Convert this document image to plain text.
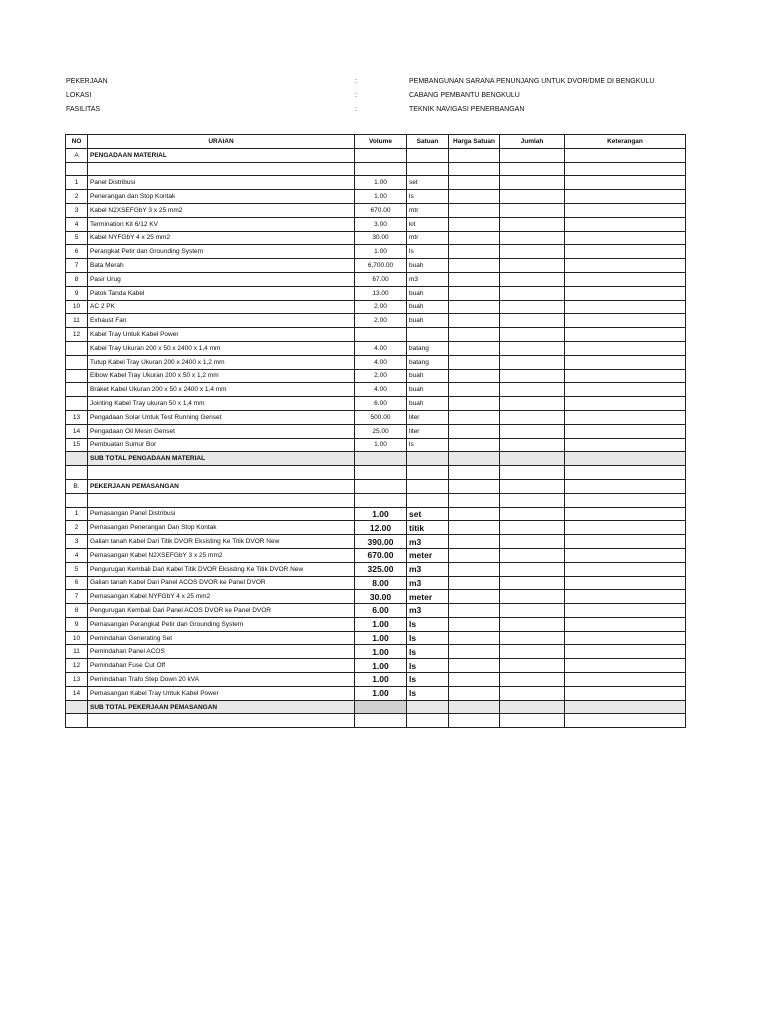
PEKERJAAN	:	PEMBANGUNAN SARANA PENUNJANG UNTUK DVOR/DME DI BENGKULU
LOKASI	:	CABANG PEMBANTU BENGKULU
FASILITAS	:	TEKNIK NAVIGASI PENERBANGAN
NO	URAIAN	Volume	Satuan	Harga Satuan	Jumlah	Keterangan
A	PENGADAAN MATERIAL					

1	Panel Distribusi	1.00	set			
2	Penerangan dan Stop Kontak	1.00	ls			
3	Kabel N2XSEFGbY 3 x 25 mm2	670.00	mtr			
4	Termination Kit 6/12 KV	3.00	kit			
5	Kabel NYFGbY 4 x 25 mm2	30.00	mtr			
6	Perangkat Petir dan Grounding System	1.00	ls			
7	Bata Merah	6,700.00	buah			
8	Pasir Urug	67.00	m3			
9	Patok Tanda Kabel	13.00	buah			
10	AC 2 PK	2.00	buah			
11	Exhaust Fan	2.00	buah			
12	Kabel Tray Untuk Kabel Power					
	Kabel Tray Ukuran 200 x 50 x 2400 x 1,4 mm	4.00	batang			
	Tutup Kabel Tray Ukuran 200 x 2400 x 1,2 mm	4.00	batang			
	Elbow Kabel Tray Ukuran 200 x 50 x 1,2 mm	2.00	buah			
	Braket Kabel Ukuran 200 x 50 x 2400 x 1,4 mm	4.00	buah			
	Jointing Kabel Tray ukuran 50 x 1,4 mm	6.00	buah			
13	Pengadaan Solar Untuk Test Running Genset	500.00	liter			
14	Pengadaan Oil Mesin Genset	25.00	liter			
15	Pembuatan Sumur Bor	1.00	ls			
	SUB TOTAL PENGADAAN MATERIAL					

B.	PEKERJAAN PEMASANGAN					

1	Pemasangan Panel Distribusi	1.00	set			
2	Pemasangan Penerangan Dan Stop Kontak	12.00	titik			
3	Galian tanah Kabel Dari Titik DVOR Eksisting Ke Titik DVOR New	390.00	m3			
4	Pemasangan Kabel N2XSEFGbY 3 x 25 mm2	670.00	meter			
5	Pengurugan Kembali Dari Kabel Titik DVOR Eksisting Ke Titik DVOR New	325.00	m3			
6	Galian tanah Kabel Dari Panel ACOS DVOR ke Panel DVOR	8.00	m3			
7	Pemasangan Kabel NYFGbY 4 x 25 mm2	30.00	meter			
8	Pengurugan Kembali Dari Panel ACOS DVOR ke Panel DVOR	6.00	m3			
9	Pemasangan Perangkat Petir dan Grounding System	1.00	ls			
10	Pemindahan Generating Set	1.00	ls			
11	Pemindahan Panel ACOS	1.00	ls			
12	Pemindahan Fuse Cut Off	1.00	ls			
13	Pemindahan Trafo Step Down 20 kVA	1.00	ls			
14	Pemasangan Kabel Tray Untuk Kabel Power	1.00	ls			
	SUB TOTAL PEKERJAAN PEMASANGAN					
